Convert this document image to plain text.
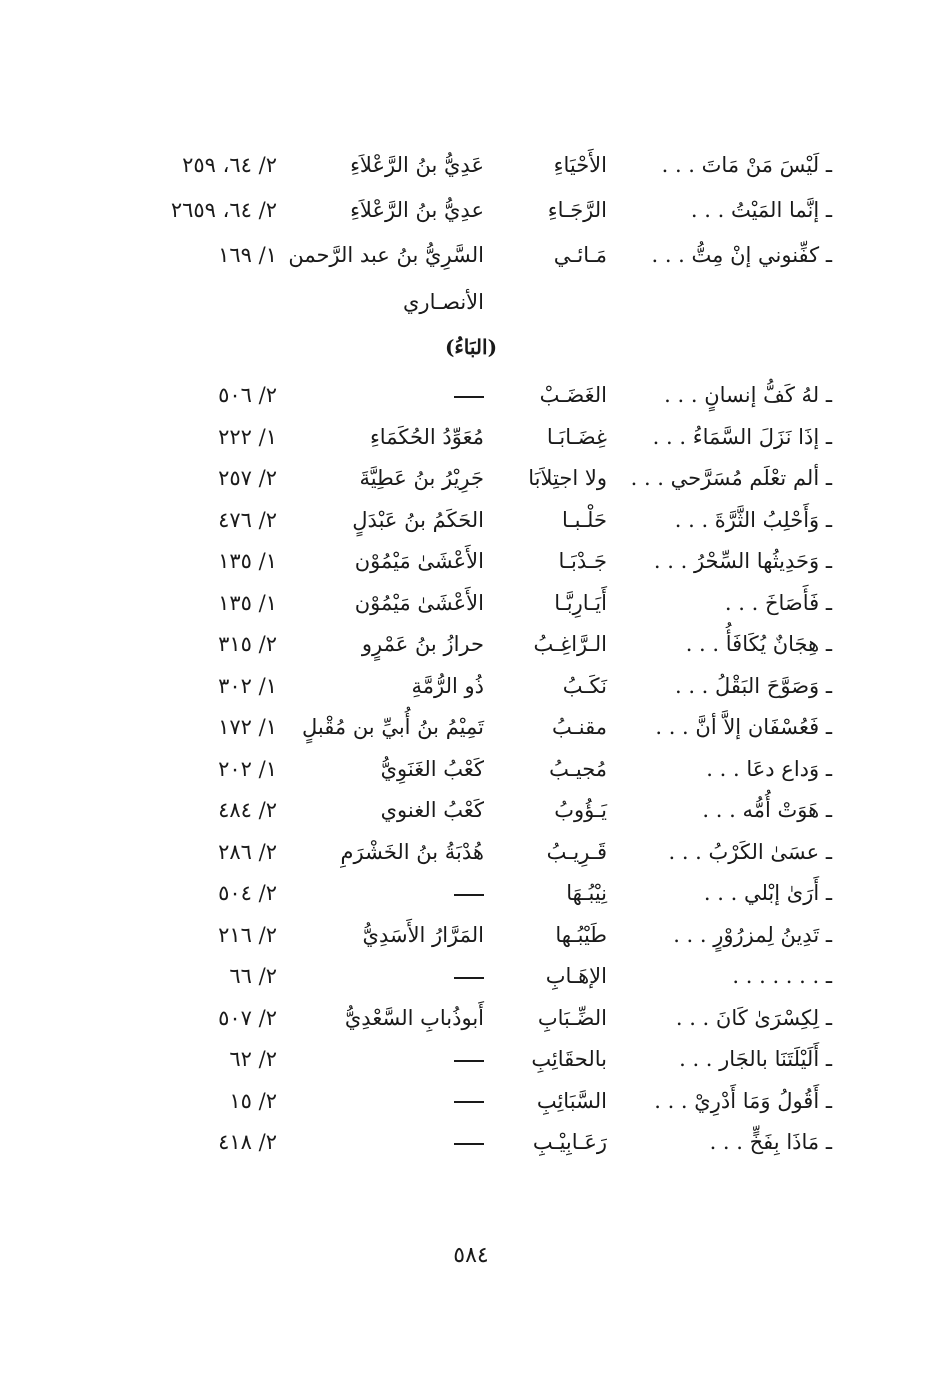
ـ لَيْسَ مَنْ مَاتَ . . .
الأَحْيَاءِ
عَدِيُّ بنُ الرَّعْلاَءِ
٢/ ٦٤، ٢٥٩
ـ إنَّما المَيْتُ . . .
الرَّجَـاءِ
عدِيُّ بنُ الرَّعْلاَءِ
٢/ ٦٤، ٢٦٥٩
ـ كفِّنوني إنْ مِتُّ . . .
مَـائـي
السَّرِيُّ بنُ عبد الرَّحمن
١/ ١٦٩
الأنصـاري
(البَاءُ)
ـ لهُ كَفُّ إنسانٍ . . .
الغَضَـبْ
٢/ ٥٠٦
ـ إذَا نَزَلَ السَّمَاءُ . . .
غِضَـابَـا
مُعَوِّدُ الحُكَمَاءِ
١/ ٢٢٢
ـ ألم تعْلَم مُسَرَّحي . . .
ولا اجتِلاَبَا
جَرِيْرُ بنُ عَطِيَّةَ
٢/ ٢٥٧
ـ وَأَحْلِبُ الثَّرَّةَ . . .
حَلْـبـا
الحَكَمُ بنُ عَبْدَلٍ
٢/ ٤٧٦
ـ وَحَدِيثُها السِّحْرُ . . .
جَـدْبَـا
الأَعْشَىٰ مَيْمُوْن
١/ ١٣٥
ـ فَأَصَاخَ . . .
أَيَـارِبَّـا
الأَعْشَىٰ مَيْمُوْن
١/ ١٣٥
ـ هِجَانٌ يُكَافَأُ . . .
الـرَّاغِـبُ
حرازُ بنُ عَمْرٍو
٢/ ٣١٥
ـ وَصَوَّحَ البَقْلُ . . .
نَكَـبُ
ذُو الرُّمَّةِ
١/ ٣٠٢
ـ فَعُسْفَان إلاَّ أنَّ . . .
مقنـبُ
تَمِيْمُ بنُ أُبيِّ بن مُقْبلٍ
١/ ١٧٢
ـ وَداع دعَا . . .
مُجيـبُ
كَعْبُ الغَنَوِيُّ
١/ ٢٠٢
ـ هَوَتْ أُمُّه . . .
يَـؤُوبُ
كَعْبُ الغنوي
٢/ ٤٨٤
ـ عسَىٰ الكَرْبُ . . .
قَـرِيـبُ
هُدْبَةُ بنُ الخَشْرَمِ
٢/ ٢٨٦
ـ أَرَىٰ إبْلي . . .
نِيْبُـهَا
٢/ ٥٠٤
ـ تَدِينُ لِمزرُوْرٍ . . .
طَيْبُـها
المَرَّارُ الأَسَدِيُّ
٢/ ٢١٦
ـ . . . . . . .
الإهَـابِ
٢/ ٦٦
ـ لِكِسْرَىٰ كَانَ . . .
الضِّـبَابِ
أَبوذُبابِ السَّعْدِيُّ
٢/ ٥٠٧
ـ أَلَيْلَتَنَا بالجَار . . .
بالحقَائِبِ
٢/ ٦٢
ـ أَقُولُ وَمَا أَدْرِيْ . . .
السَّبَائِبِ
٢/ ١٥
ـ مَاذَا بِفَخٍّ . . .
رَعَـابِيْـبِ
٢/ ٤١٨
٥٨٤
